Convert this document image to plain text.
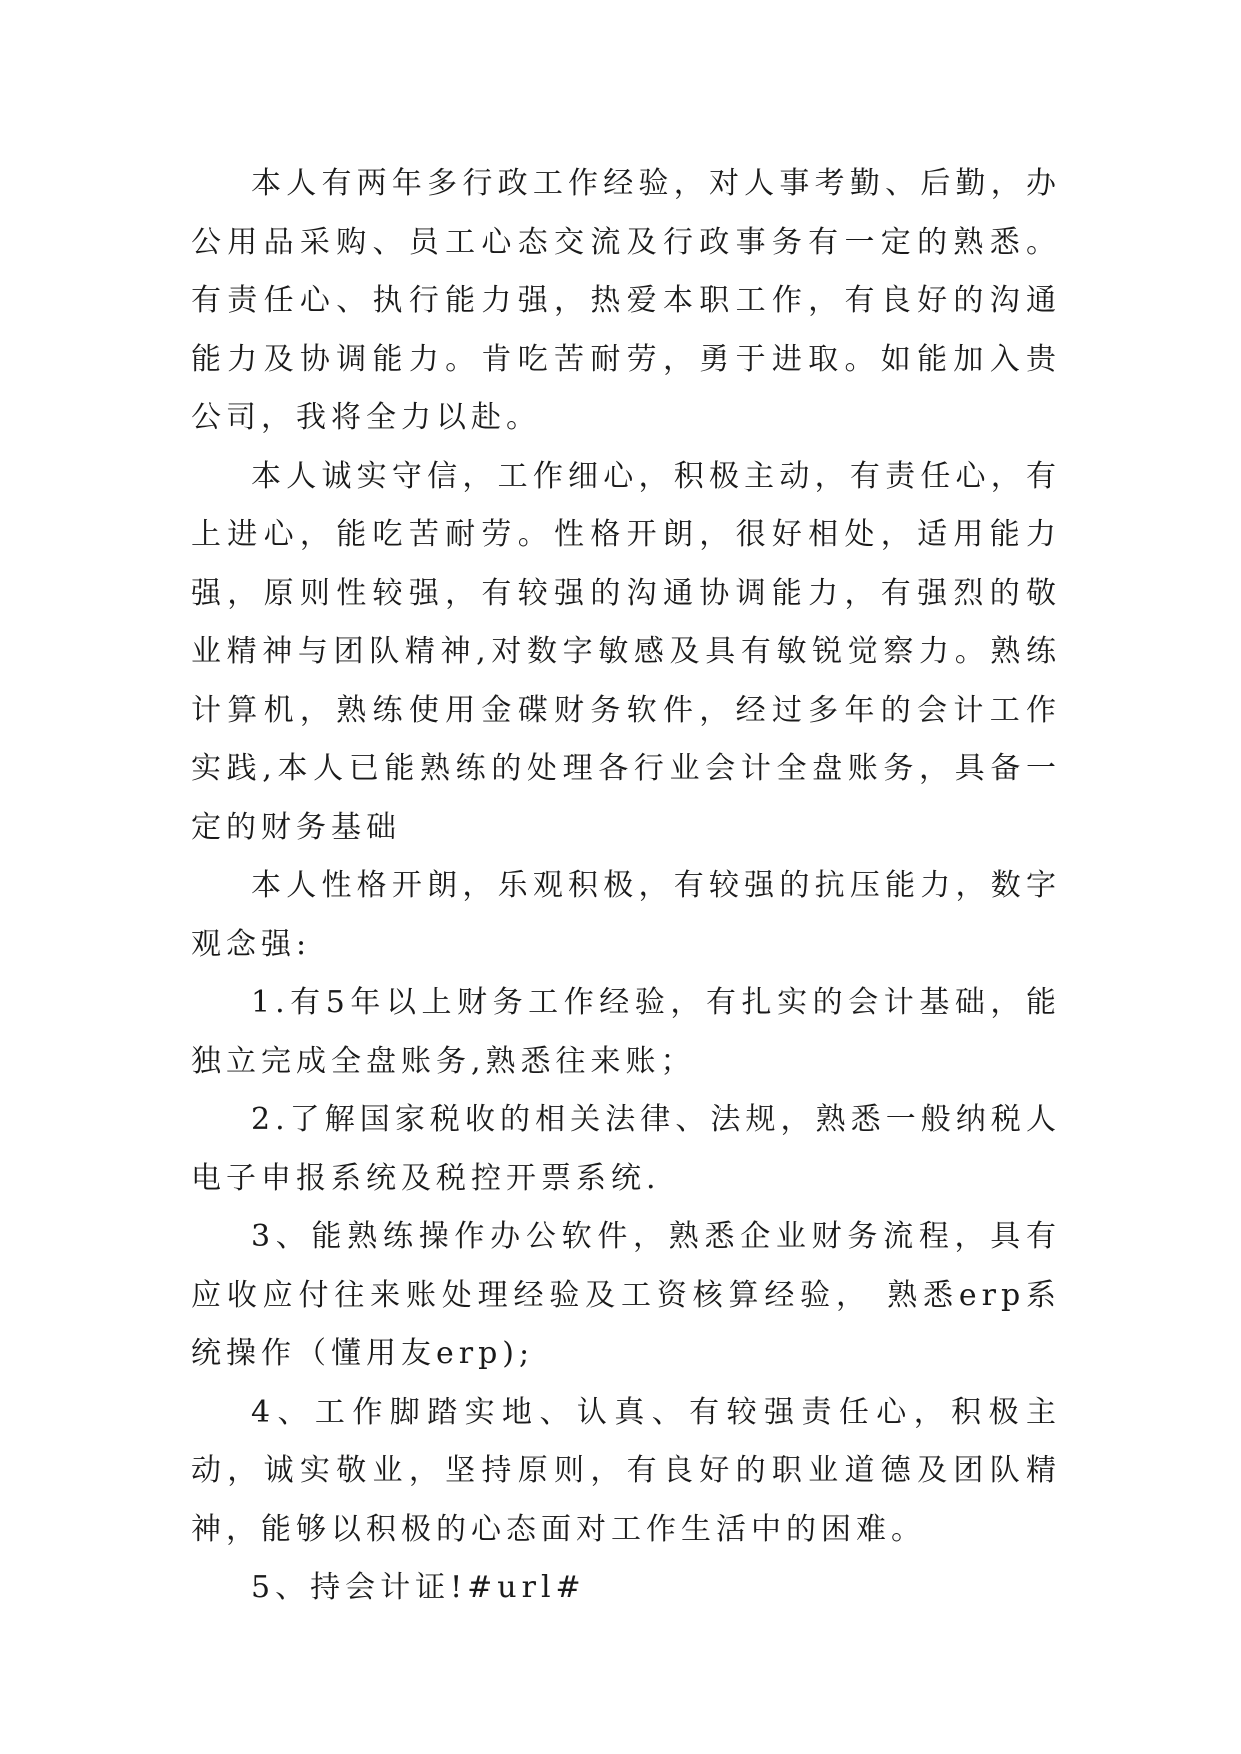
本人有两年多行政工作经验，对人事考勤、后勤，办公用品采购、员工心态交流及行政事务有一定的熟悉。有责任心、执行能力强，热爱本职工作，有良好的沟通能力及协调能力。肯吃苦耐劳，勇于进取。如能加入贵公司，我将全力以赴。

本人诚实守信，工作细心，积极主动，有责任心，有上进心，能吃苦耐劳。性格开朗，很好相处，适用能力强，原则性较强，有较强的沟通协调能力，有强烈的敬业精神与团队精神,对数字敏感及具有敏锐觉察力。熟练计算机，熟练使用金碟财务软件，经过多年的会计工作实践,本人已能熟练的处理各行业会计全盘账务，具备一定的财务基础

本人性格开朗，乐观积极，有较强的抗压能力，数字观念强:

1.有5年以上财务工作经验，有扎实的会计基础，能独立完成全盘账务,熟悉往来账；

2.了解国家税收的相关法律、法规，熟悉一般纳税人电子申报系统及税控开票系统.

3、能熟练操作办公软件，熟悉企业财务流程，具有应收应付往来账处理经验及工资核算经验， 熟悉erp系统操作（懂用友erp);

4、工作脚踏实地、认真、有较强责任心，积极主动，诚实敬业，坚持原则，有良好的职业道德及团队精神，能够以积极的心态面对工作生活中的困难。

5、持会计证!#url#
